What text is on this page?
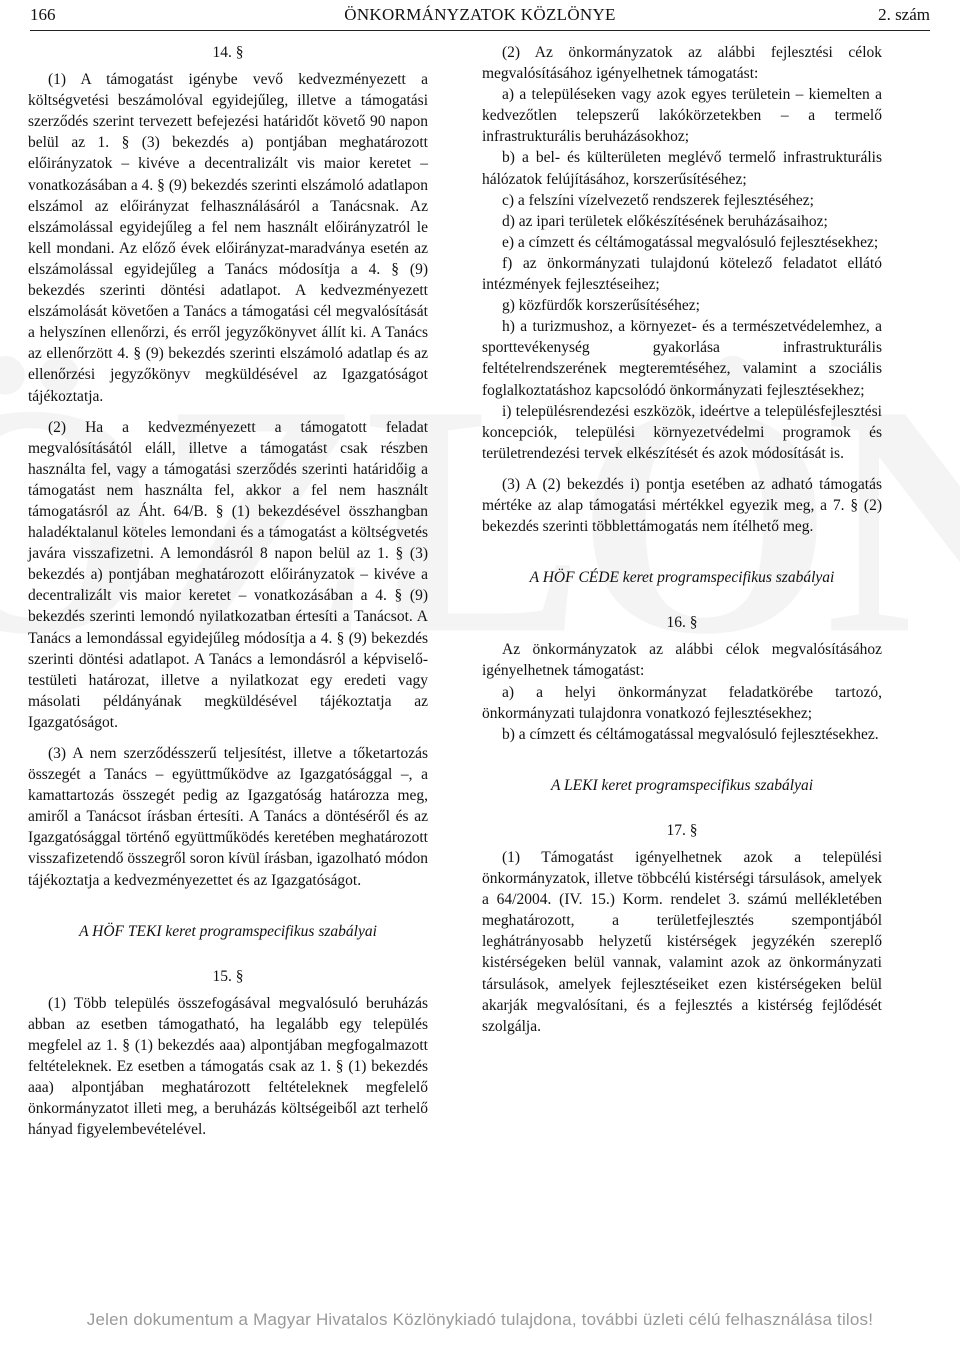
166	ÖNKORMÁNYZATOK KÖZLÖNYE	2. szám

14. §

(1) A támogatást igénybe vevő kedvezményezett a költségvetési beszámolóval egyidejűleg, illetve a támogatási szerződés szerint tervezett befejezési határidőt követő 90 napon belül az 1. § (3) bekezdés a) pontjában meghatározott előirányzatok – kivéve a decentralizált vis maior keretet – vonatkozásában a 4. § (9) bekezdés szerinti elszámoló adatlapon elszámol az előirányzat felhasználásáról a Tanácsnak. Az elszámolással egyidejűleg a fel nem használt előirányzatról le kell mondani. Az előző évek előirányzat-maradványa esetén az elszámolással egyidejűleg a Tanács módosítja a 4. § (9) bekezdés szerinti döntési adatlapot. A kedvezményezett elszámolását követően a Tanács a támogatási cél megvalósítását a helyszínen ellenőrzi, és erről jegyzőkönyvet állít ki. A Tanács az ellenőrzött 4. § (9) bekezdés szerinti elszámoló adatlap és az ellenőrzési jegyzőkönyv megküldésével az Igazgatóságot tájékoztatja.

(2) Ha a kedvezményezett a támogatott feladat megvalósításától eláll, illetve a támogatást csak részben használta fel, vagy a támogatási szerződés szerinti határidőig a támogatást nem használta fel, akkor a fel nem használt támogatásról az Áht. 64/B. § (1) bekezdésével összhangban haladéktalanul köteles lemondani és a támogatást a költségvetés javára visszafizetni. A lemondásról 8 napon belül az 1. § (3) bekezdés a) pontjában meghatározott előirányzatok – kivéve a decentralizált vis maior keretet – vonatkozásában a 4. § (9) bekezdés szerinti lemondó nyilatkozatban értesíti a Tanácsot. A Tanács a lemondással egyidejűleg módosítja a 4. § (9) bekezdés szerinti döntési adatlapot. A Tanács a lemondásról a képviselő-testületi határozat, illetve a nyilatkozat egy eredeti vagy másolati példányának megküldésével tájékoztatja az Igazgatóságot.

(3) A nem szerződésszerű teljesítést, illetve a tőketartozás összegét a Tanács – együttműködve az Igazgatósággal –, a kamattartozás összegét pedig az Igazgatóság határozza meg, amiről a Tanácsot írásban értesíti. A Tanács a döntéséről és az Igazgatósággal történő együttműködés keretében meghatározott visszafizetendő összegről soron kívül írásban, igazolható módon tájékoztatja a kedvezményezettet és az Igazgatóságot.

A HÖF TEKI keret programspecifikus szabályai

15. §

(1) Több település összefogásával megvalósuló beruházás abban az esetben támogatható, ha legalább egy település megfelel az 1. § (1) bekezdés aaa) alpontjában megfogalmazott feltételeknek. Ez esetben a támogatás csak az 1. § (1) bekezdés aaa) alpontjában meghatározott feltételeknek megfelelő önkormányzatot illeti meg, a beruházás költségeiből azt terhelő hányad figyelembevételével.

(2) Az önkormányzatok az alábbi fejlesztési célok megvalósításához igényelhetnek támogatást:

a) a településeken vagy azok egyes területein – kiemelten a kedvezőtlen telepszerű lakókörzetekben – a termelő infrastrukturális beruházásokhoz;

b) a bel- és külterületen meglévő termelő infrastrukturális hálózatok felújításához, korszerűsítéséhez;

c) a felszíni vízelvezető rendszerek fejlesztéséhez;

d) az ipari területek előkészítésének beruházásaihoz;

e) a címzett és céltámogatással megvalósuló fejlesztésekhez;

f) az önkormányzati tulajdonú kötelező feladatot ellátó intézmények fejlesztéseihez;

g) közfürdők korszerűsítéséhez;

h) a turizmushoz, a környezet- és a természetvédelemhez, a sporttevékenység gyakorlása infrastrukturális feltételrendszerének megteremtéséhez, valamint a szociális foglalkoztatáshoz kapcsolódó önkormányzati fejlesztésekhez;

i) településrendezési eszközök, ideértve a településfejlesztési koncepciók, települési környezetvédelmi programok és területrendezési tervek elkészítését és azok módosítását is.

(3) A (2) bekezdés i) pontja esetében az adható támogatás mértéke az alap támogatási mértékkel egyezik meg, a 7. § (2) bekezdés szerinti többlettámogatás nem ítélhető meg.

A HÖF CÉDE keret programspecifikus szabályai

16. §

Az önkormányzatok az alábbi célok megvalósításához igényelhetnek támogatást:

a) a helyi önkormányzat feladatkörébe tartozó, önkormányzati tulajdonra vonatkozó fejlesztésekhez;

b) a címzett és céltámogatással megvalósuló fejlesztésekhez.

A LEKI keret programspecifikus szabályai

17. §

(1) Támogatást igényelhetnek azok a települési önkormányzatok, illetve többcélú kistérségi társulások, amelyek a 64/2004. (IV. 15.) Korm. rendelet 3. számú mellékletében meghatározott, a területfejlesztés szempontjából leghátrányosabb helyzetű kistérségek jegyzékén szereplő kistérségeken belül vannak, valamint azok az önkormányzati társulások, amelyek fejlesztéseiket ezen kistérségeken belül akarják megvalósítani, és a fejlesztés a kistérség fejlődését szolgálja.

Jelen dokumentum a Magyar Hivatalos Közlönykiadó tulajdona, további üzleti célú felhasználása tilos!
